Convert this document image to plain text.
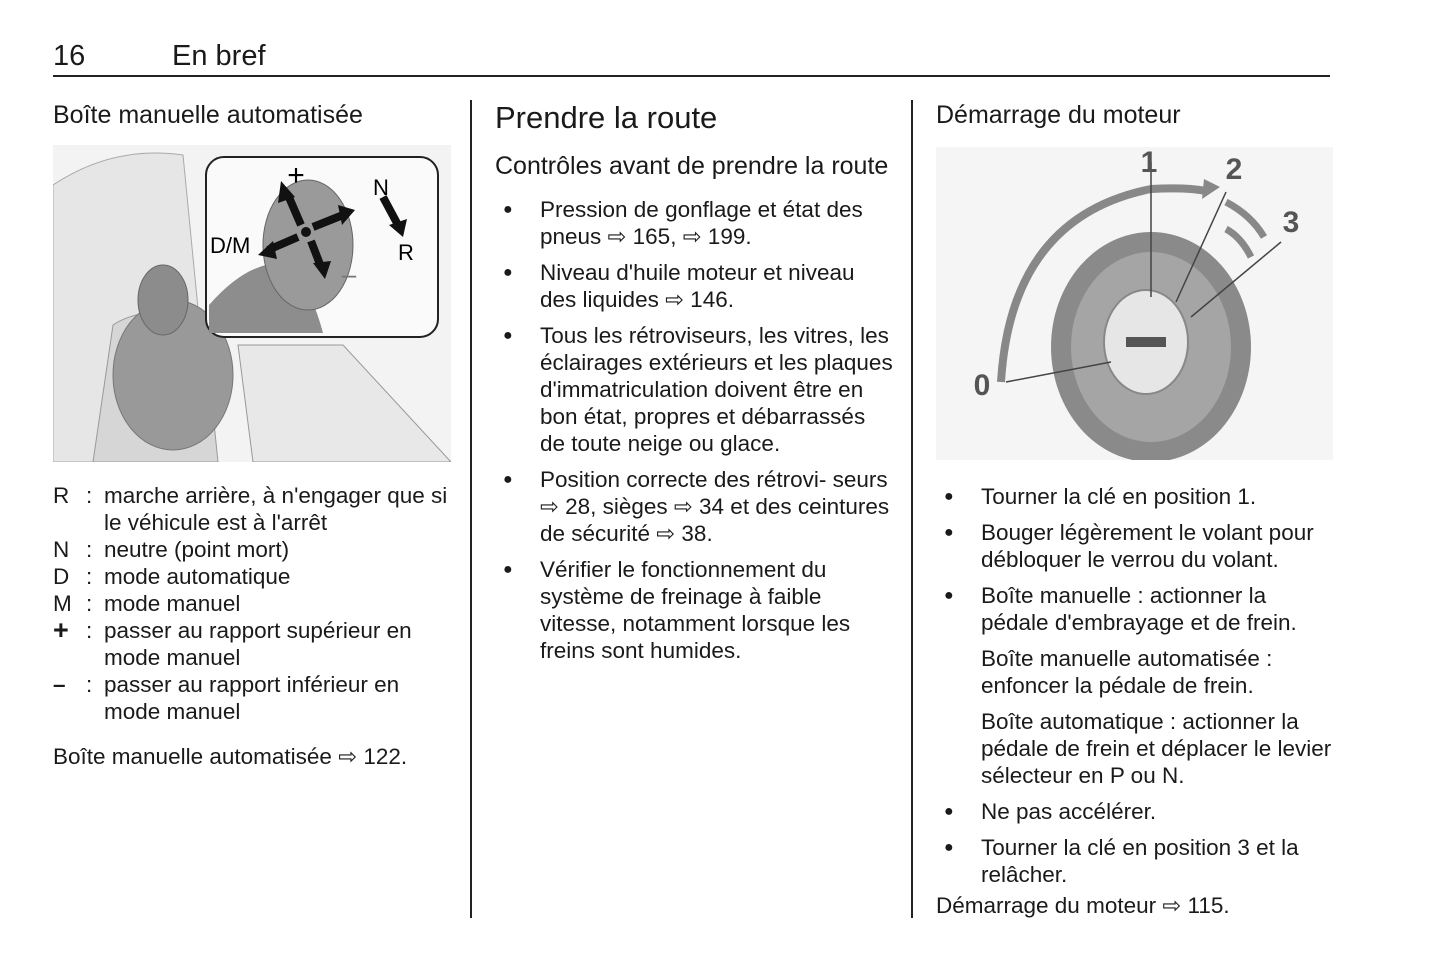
16	En bref
Boîte manuelle automatisée
+
–
D/M
N
R
R : marche arrière, à n'engager que si le véhicule est à l'arrêt
N : neutre (point mort)
D : mode automatique
M : mode manuel
+ : passer au rapport supérieur en mode manuel
– : passer au rapport inférieur en mode manuel
Boîte manuelle automatisée ⇨ 122.
Prendre la route
Contrôles avant de prendre la route
● Pression de gonflage et état des pneus ⇨ 165, ⇨ 199.
● Niveau d'huile moteur et niveau des liquides ⇨ 146.
● Tous les rétroviseurs, les vitres, les éclairages extérieurs et les plaques d'immatriculation doivent être en bon état, propres et débarrassés de toute neige ou glace.
● Position correcte des rétrovi‑ seurs ⇨ 28, sièges ⇨ 34 et des ceintures de sécurité ⇨ 38.
● Vérifier le fonctionnement du système de freinage à faible vitesse, notamment lorsque les freins sont humides.
Démarrage du moteur
1 2
3
0
● Tourner la clé en position 1.
● Bouger légèrement le volant pour débloquer le verrou du volant.
● Boîte manuelle : actionner la pédale d'embrayage et de frein.
Boîte manuelle automatisée : enfoncer la pédale de frein.
Boîte automatique : actionner la pédale de frein et déplacer le levier sélecteur en P ou N.
● Ne pas accélérer.
● Tourner la clé en position 3 et la relâcher.
Démarrage du moteur ⇨ 115.
